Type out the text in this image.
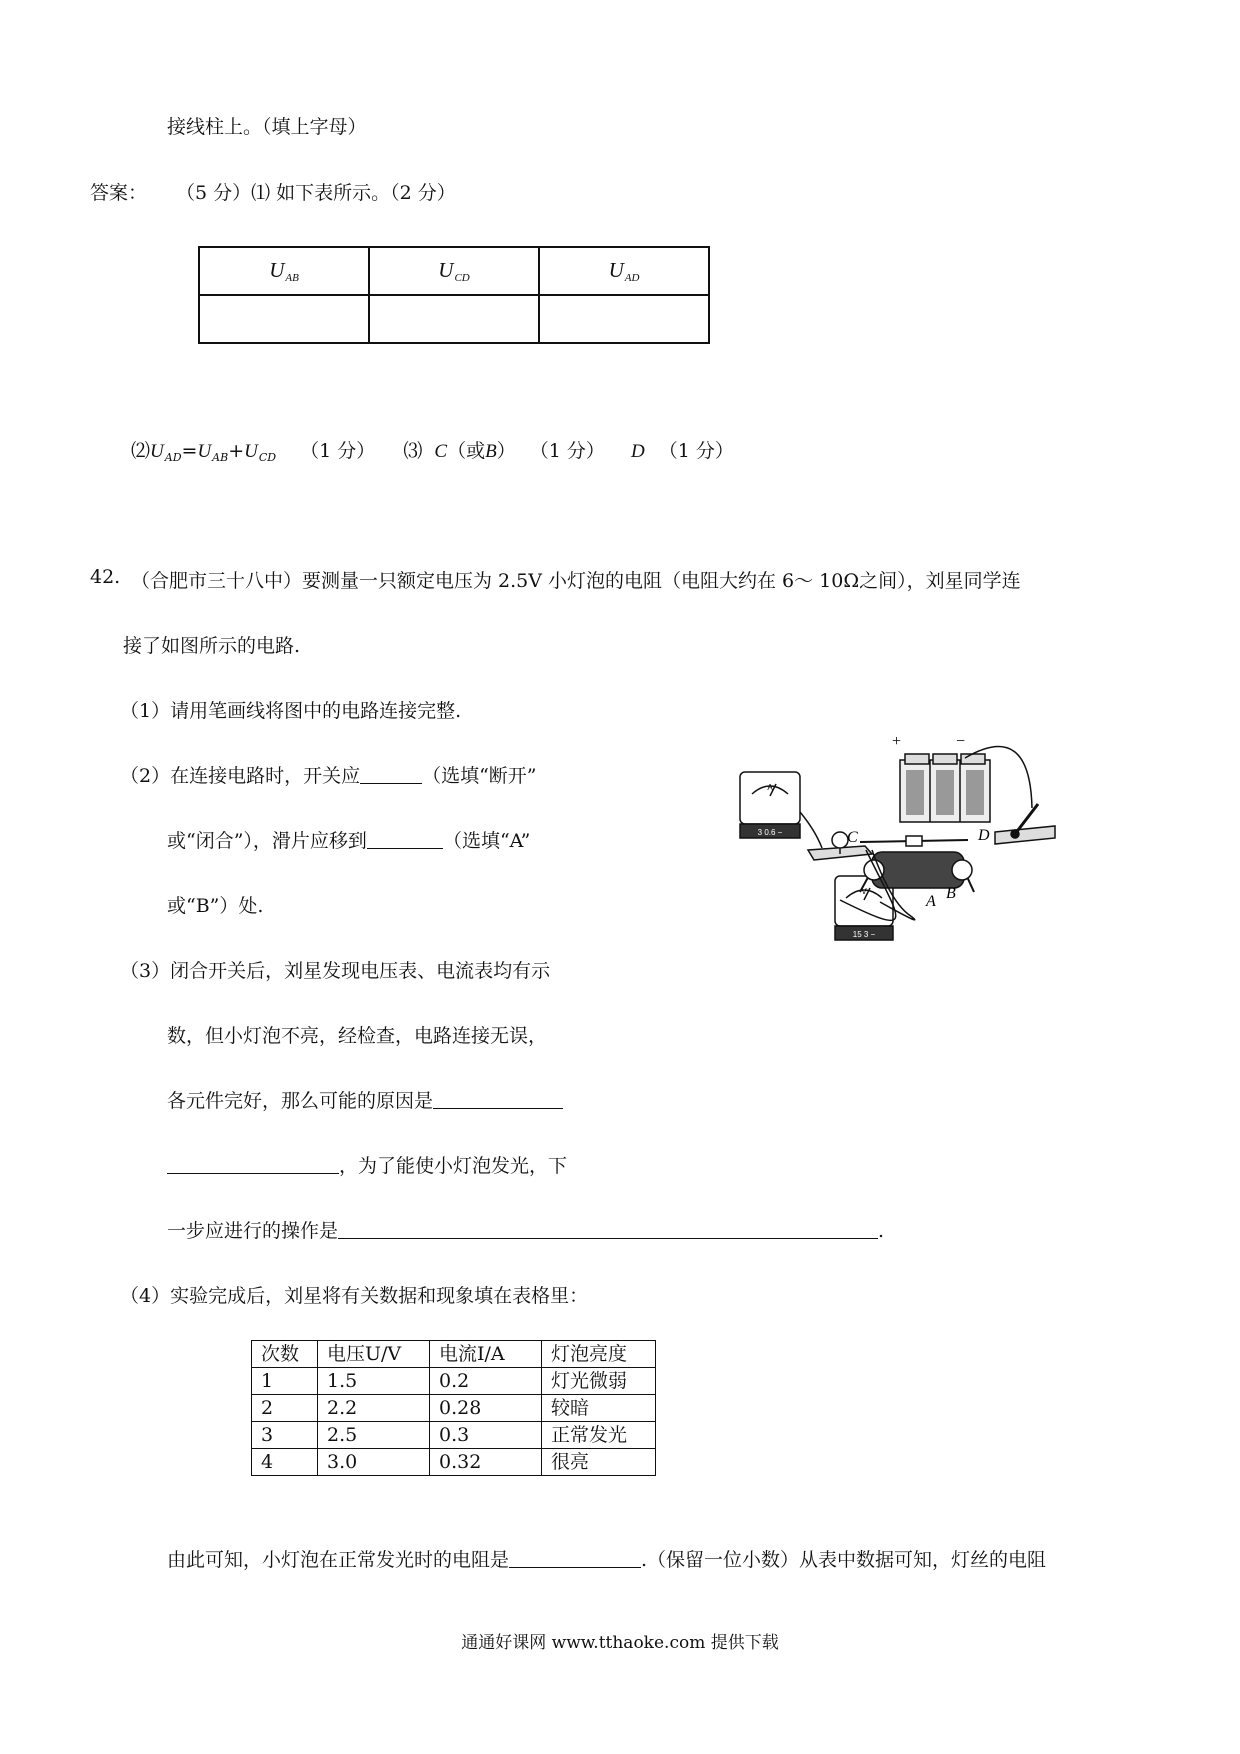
接线柱上。（填上字母）
答案： （5 分）⑴ 如下表所示。（2 分）
$U_{AB}$	$U_{CD}$	$U_{AD}$

$⑵U_{AD}=U_{AB}+U_{CD}$ （1 分） ⑶ C（或B） （1 分） D （1 分）
42. （合肥市三十八中）要测量一只额定电压为 2.5V 小灯泡的电阻（电阻大约在 6～ 10Ω之间），刘星同学连
接了如图所示的电路.
（1）请用笔画线将图中的电路连接完整.
（2）在连接电路时，开关应	（选填“断开”
或“闭合”），滑片应移到	（选填“A”
或“B”）处.
（3）闭合开关后，刘星发现电压表、电流表均有示
数，但小灯泡不亮，经检查，电路连接无误，
各元件完好，那么可能的原因是
，为了能使小灯泡发光，下
一步应进行的操作是	.
（4）实验完成后，刘星将有关数据和现象填在表格里：
次数	电压U/V	电流I/A	灯泡亮度
1	1.5	0.2	灯光微弱
2	2.2	0.28	较暗
3	2.5	0.3	正常发光
4	3.0	0.32	很亮
由此可知，小灯泡在正常发光时的电阻是	.（保留一位小数）从表中数据可知，灯丝的电阻
+	−
A
3 0.6 −
V
15 3 −
C	D
A B
通通好课网 www.tthaoke.com 提供下载
